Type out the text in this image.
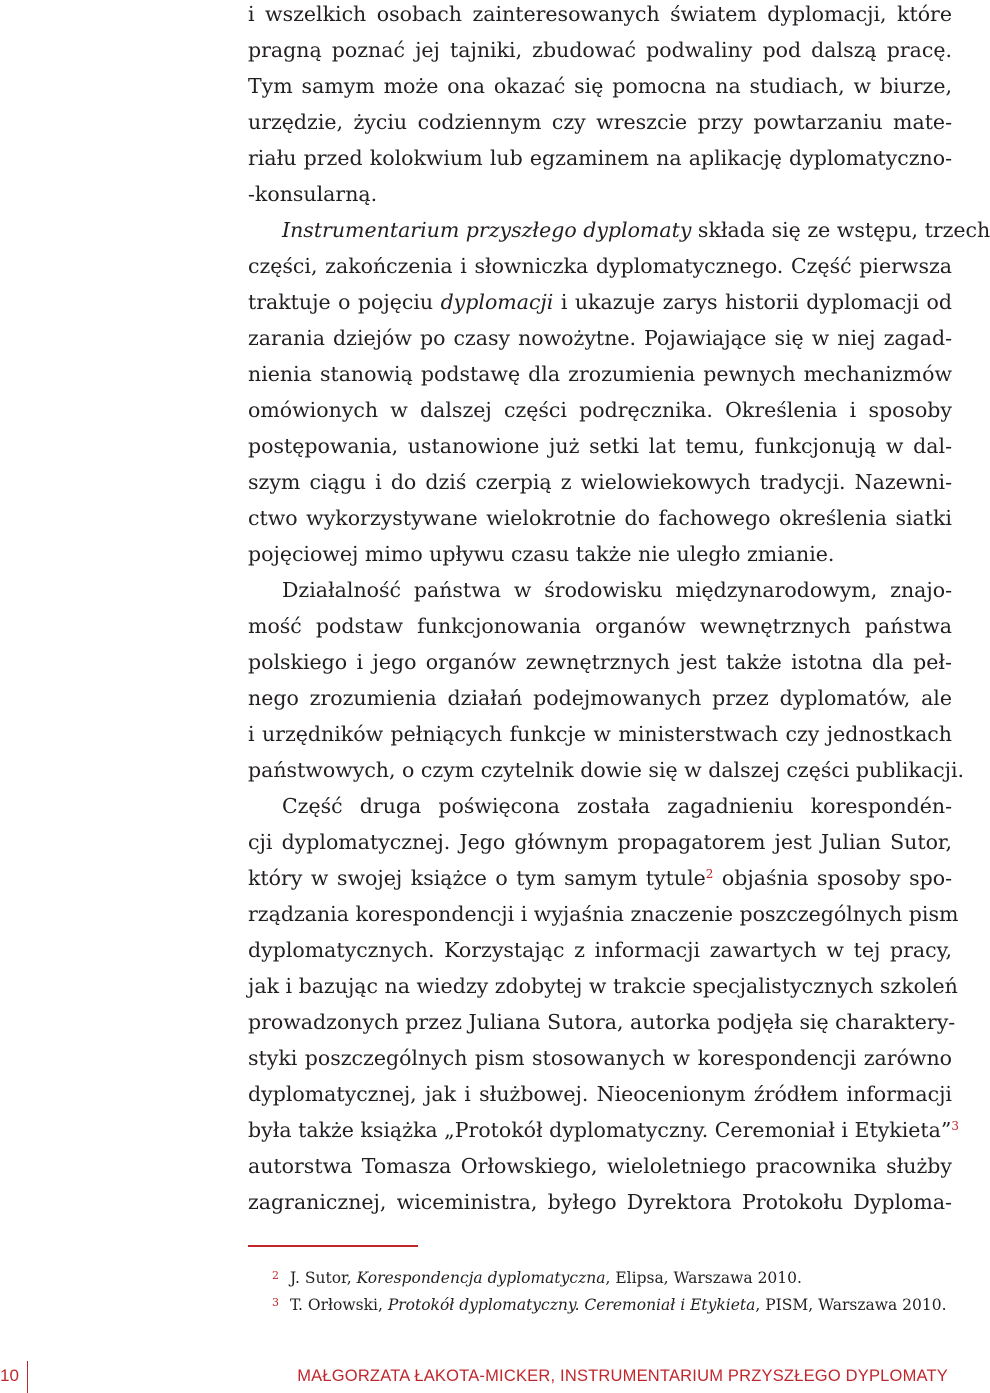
i wszelkich osobach zainteresowanych światem dyplomacji, które
pragną poznać jej tajniki, zbudować podwaliny pod dalszą pracę.
Tym samym może ona okazać się pomocna na studiach, w biurze,
urzędzie, życiu codziennym czy wreszcie przy powtarzaniu mate-
riału przed kolokwium lub egzaminem na aplikację dyplomatyczno-
-konsularną.
Instrumentarium przyszłego dyplomaty składa się ze wstępu, trzech
części, zakończenia i słowniczka dyplomatycznego. Część pierwsza
traktuje o pojęciu dyplomacji i ukazuje zarys historii dyplomacji od
zarania dziejów po czasy nowożytne. Pojawiające się w niej zagad-
nienia stanowią podstawę dla zrozumienia pewnych mechanizmów
omówionych w dalszej części podręcznika. Określenia i sposoby
postępowania, ustanowione już setki lat temu, funkcjonują w dal-
szym ciągu i do dziś czerpią z wielowiekowych tradycji. Nazewni-
ctwo wykorzystywane wielokrotnie do fachowego określenia siatki
pojęciowej mimo upływu czasu także nie uległo zmianie.
Działalność państwa w środowisku międzynarodowym, znajo-
mość podstaw funkcjonowania organów wewnętrznych państwa
polskiego i jego organów zewnętrznych jest także istotna dla peł-
nego zrozumienia działań podejmowanych przez dyplomatów, ale
i urzędników pełniących funkcje w ministerstwach czy jednostkach
państwowych, o czym czytelnik dowie się w dalszej części publikacji.
Część druga poświęcona została zagadnieniu korespondén-
cji dyplomatycznej. Jego głównym propagatorem jest Julian Sutor,
który w swojej książce o tym samym tytule$^2$ objaśnia sposoby spo-
rządzania korespondencji i wyjaśnia znaczenie poszczególnych pism
dyplomatycznych. Korzystając z informacji zawartych w tej pracy,
jak i bazując na wiedzy zdobytej w trakcie specjalistycznych szkoleń
prowadzonych przez Juliana Sutora, autorka podjęła się charaktery-
styki poszczególnych pism stosowanych w korespondencji zarówno
dyplomatycznej, jak i służbowej. Nieocenionym źródłem informacji
była także książka „Protokół dyplomatyczny. Ceremoniał i Etykieta”$^3$
autorstwa Tomasza Orłowskiego, wieloletniego pracownika służby
zagranicznej, wiceministra, byłego Dyrektora Protokołu Dyploma-
2 J. Sutor, Korespondencja dyplomatyczna, Elipsa, Warszawa 2010.
3 T. Orłowski, Protokół dyplomatyczny. Ceremoniał i Etykieta, PISM, Warszawa 2010.
10	MAŁGORZATA ŁAKOTA-MICKER, INSTRUMENTARIUM PRZYSZŁEGO DYPLOMATY
